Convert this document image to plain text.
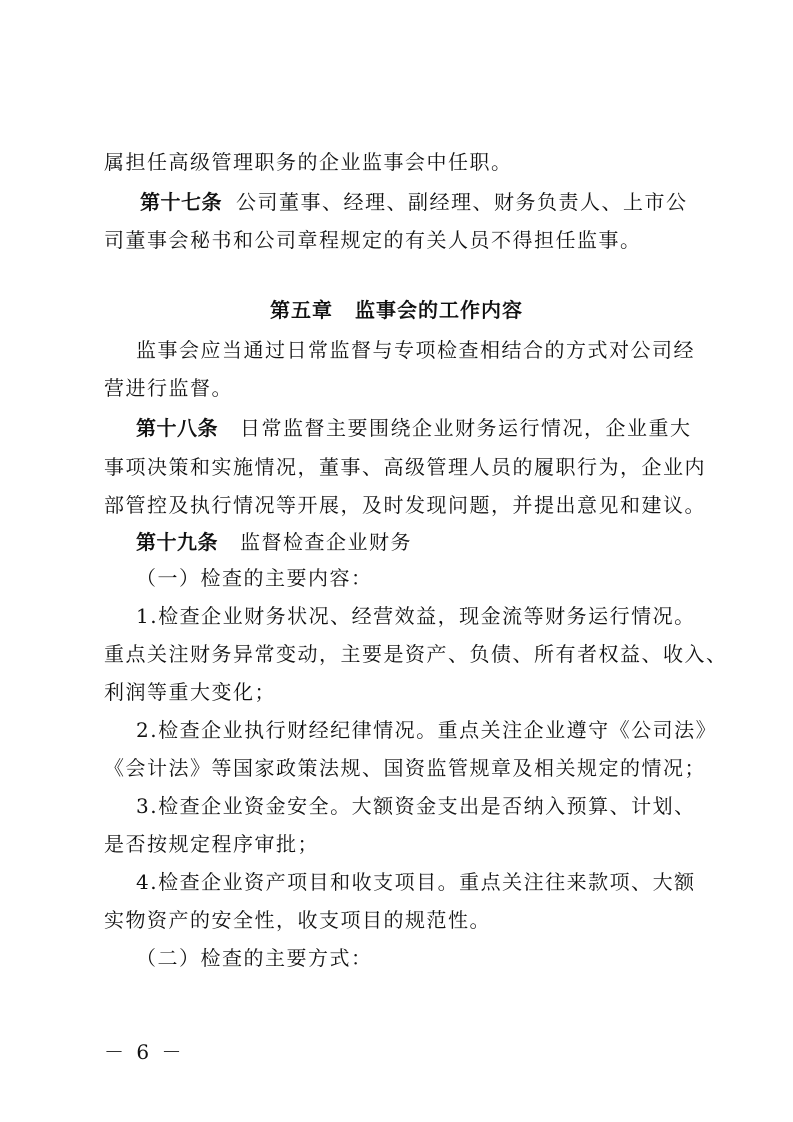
属担任高级管理职务的企业监事会中任职。
第十七条 公司董事、经理、副经理、财务负责人、上市公
司董事会秘书和公司章程规定的有关人员不得担任监事。
第五章 监事会的工作内容
监事会应当通过日常监督与专项检查相结合的方式对公司经
营进行监督。
第十八条 日常监督主要围绕企业财务运行情况，企业重大
事项决策和实施情况，董事、高级管理人员的履职行为，企业内
部管控及执行情况等开展，及时发现问题，并提出意见和建议。
第十九条 监督检查企业财务
（一）检查的主要内容：
1.检查企业财务状况、经营效益，现金流等财务运行情况。
重点关注财务异常变动，主要是资产、负债、所有者权益、收入、
利润等重大变化；
2.检查企业执行财经纪律情况。重点关注企业遵守《公司法》
《会计法》等国家政策法规、国资监管规章及相关规定的情况；
3.检查企业资金安全。大额资金支出是否纳入预算、计划、
是否按规定程序审批；
4.检查企业资产项目和收支项目。重点关注往来款项、大额
实物资产的安全性，收支项目的规范性。
（二）检查的主要方式：
－ 6 －
